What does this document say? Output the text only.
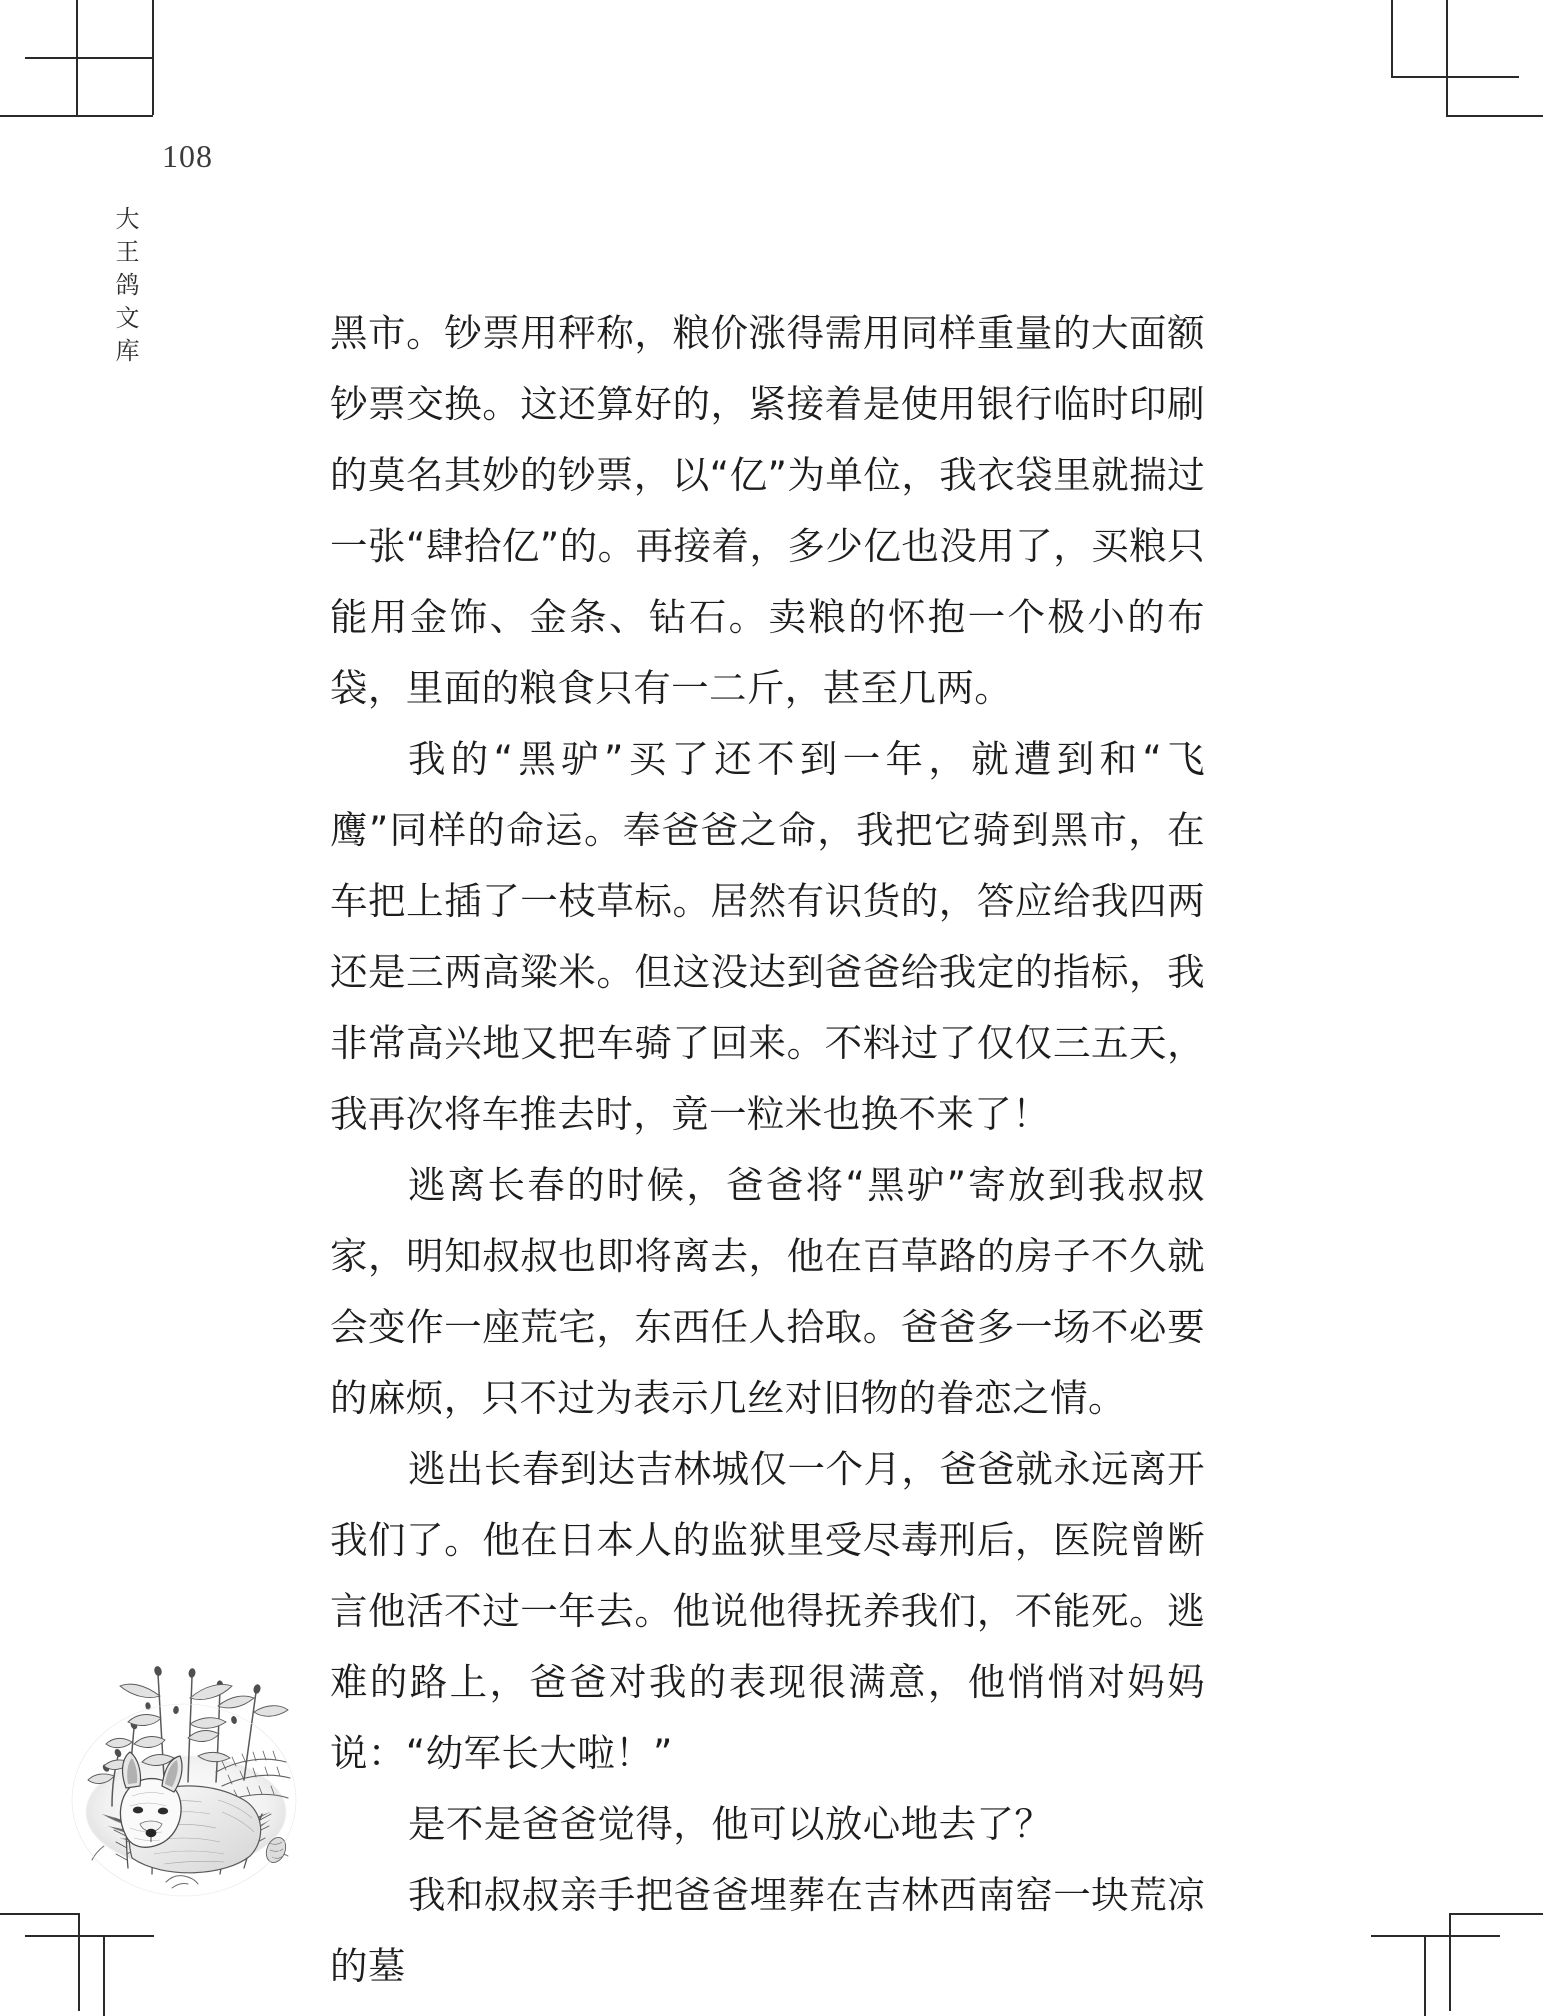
108
大王鸽文库	黑市。钞票用秤称，粮价涨得需用同样重量的大面额钞票交换。这还算好的，紧接着是使用银行临时印刷的莫名其妙的钞票，以“亿”为单位，我衣袋里就揣过一张“肆拾亿”的。再接着，多少亿也没用了，买粮只能用金饰、金条、钻石。卖粮的怀抱一个极小的布袋，里面的粮食只有一二斤，甚至几两。

我的“黑驴”买了还不到一年，就遭到和“飞鹰”同样的命运。奉爸爸之命，我把它骑到黑市，在车把上插了一枝草标。居然有识货的，答应给我四两还是三两高粱米。但这没达到爸爸给我定的指标，我非常高兴地又把车骑了回来。不料过了仅仅三五天，我再次将车推去时，竟一粒米也换不来了！

逃离长春的时候，爸爸将“黑驴”寄放到我叔叔家，明知叔叔也即将离去，他在百草路的房子不久就会变作一座荒宅，东西任人拾取。爸爸多一场不必要的麻烦，只不过为表示几丝对旧物的眷恋之情。

逃出长春到达吉林城仅一个月，爸爸就永远离开我们了。他在日本人的监狱里受尽毒刑后，医院曾断言他活不过一年去。他说他得抚养我们，不能死。逃难的路上，爸爸对我的表现很满意，他悄悄对妈妈说：“幼军长大啦！”

是不是爸爸觉得，他可以放心地去了？

我和叔叔亲手把爸爸埋葬在吉林西南窑一块荒凉的墓
